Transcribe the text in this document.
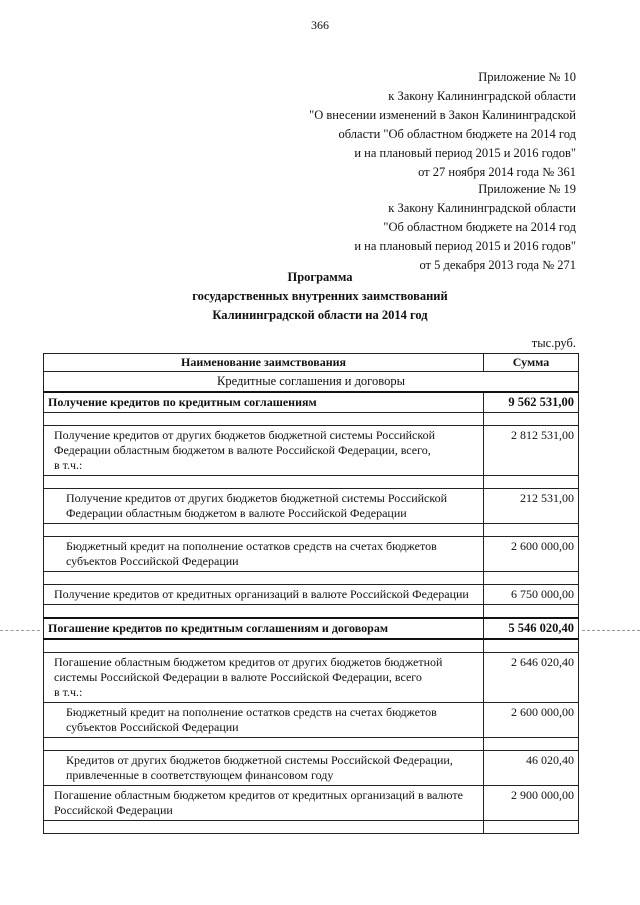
366
Приложение № 10
к Закону Калининградской области
"О внесении изменений в Закон Калининградской
области "Об областном бюджете на 2014 год
и на плановый период 2015 и 2016 годов"
от 27 ноября 2014 года № 361
Приложение № 19
к Закону Калининградской области
"Об областном бюджете на 2014 год
и на плановый период 2015 и 2016 годов"
от 5 декабря 2013 года № 271
Программа
государственных внутренних заимствований
Калининградской области на 2014 год
тыс.руб.
Наименование заимствования	Сумма
Кредитные соглашения и договоры	
Получение кредитов по кредитным соглашениям	9 562 531,00

Получение кредитов от других бюджетов бюджетной системы Российской Федерации областным бюджетом в валюте Российской Федерации, всего,
в т.ч.:	2 812 531,00

Получение кредитов от других бюджетов бюджетной системы Российской Федерации областным бюджетом в валюте Российской Федерации	212 531,00

Бюджетный кредит на пополнение остатков средств на счетах бюджетов субъектов Российской Федерации	2 600 000,00

Получение кредитов от кредитных организаций в валюте Российской Федерации	6 750 000,00

Погашение кредитов по кредитным соглашениям и договорам	5 546 020,40

Погашение областным бюджетом кредитов от других бюджетов бюджетной системы Российской Федерации в валюте Российской Федерации, всего
в т.ч.:	2 646 020,40
Бюджетный кредит на пополнение остатков средств на счетах бюджетов субъектов Российской Федерации	2 600 000,00

Кредитов от других бюджетов бюджетной системы Российской Федерации, привлеченные в соответствующем финансовом году	46 020,40
Погашение областным бюджетом кредитов от кредитных организаций в валюте Российской Федерации	2 900 000,00
